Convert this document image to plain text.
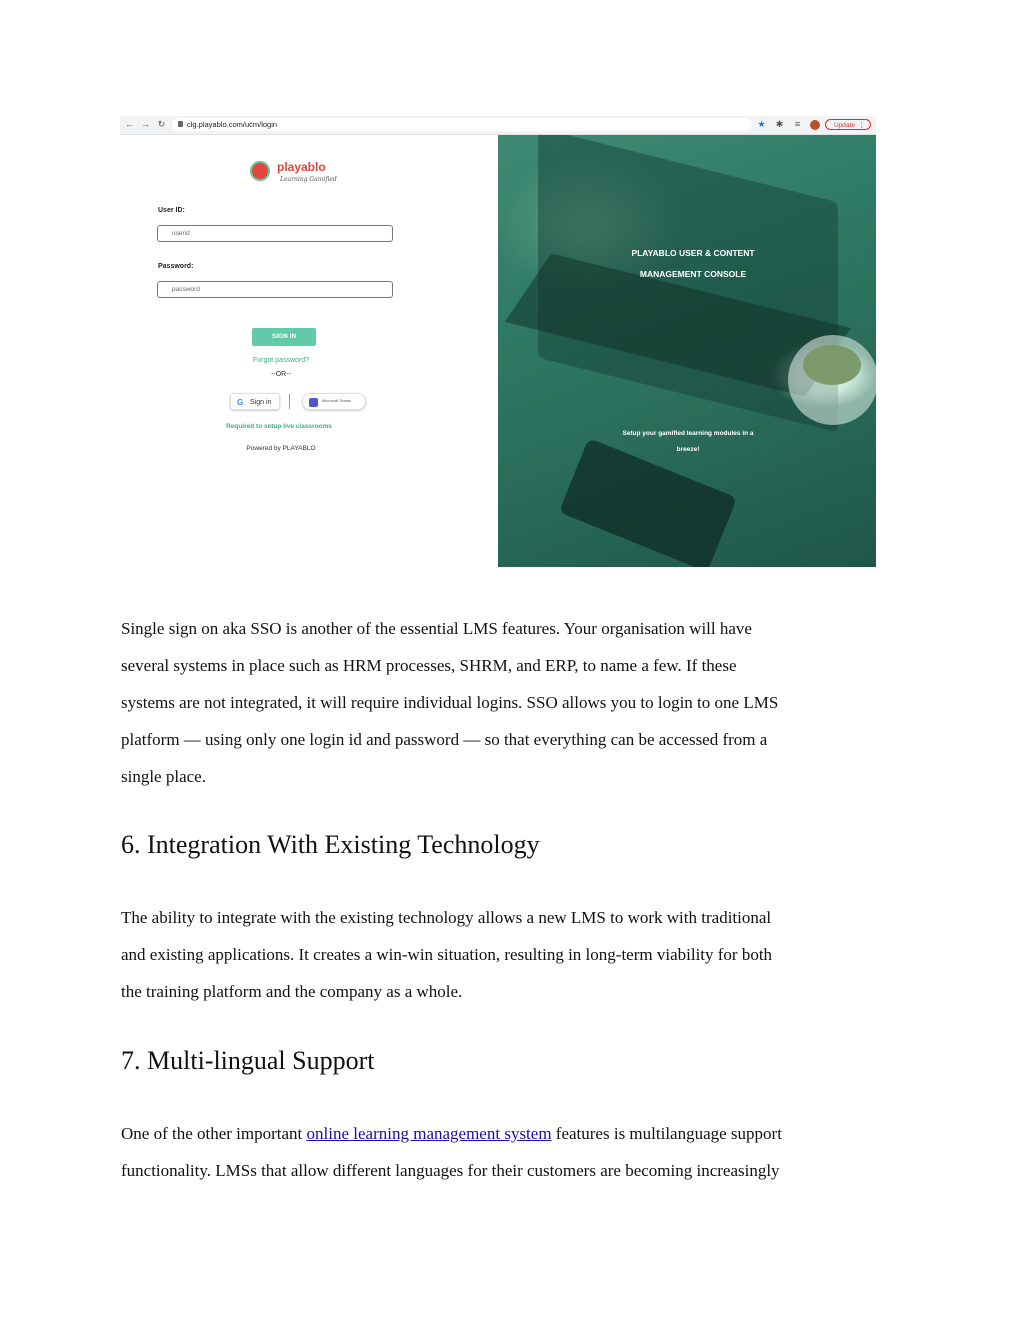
← → ↻	clg.playablo.com/ucm/login	★ ✱	≡	Update ⋮
playablo
Learning Gamified
User ID:
userid
Password:
password
SIGN IN
Forgot password?
--OR--
G Sign in	Microsoft Teams
Required to setup live classrooms
Powered by PLAYABLO
PLAYABLO USER & CONTENT
MANAGEMENT CONSOLE
Setup your gamified learning modules in a
breeze!
Single sign on aka SSO is another of the essential LMS features. Your organisation will have
several systems in place such as HRM processes, SHRM, and ERP, to name a few. If these
systems are not integrated, it will require individual logins. SSO allows you to login to one LMS
platform — using only one login id and password — so that everything can be accessed from a
single place.
6. Integration With Existing Technology
The ability to integrate with the existing technology allows a new LMS to work with traditional
and existing applications. It creates a win-win situation, resulting in long-term viability for both
the training platform and the company as a whole.
7. Multi-lingual Support
One of the other important online learning management system features is multilanguage support
functionality. LMSs that allow different languages for their customers are becoming increasingly
